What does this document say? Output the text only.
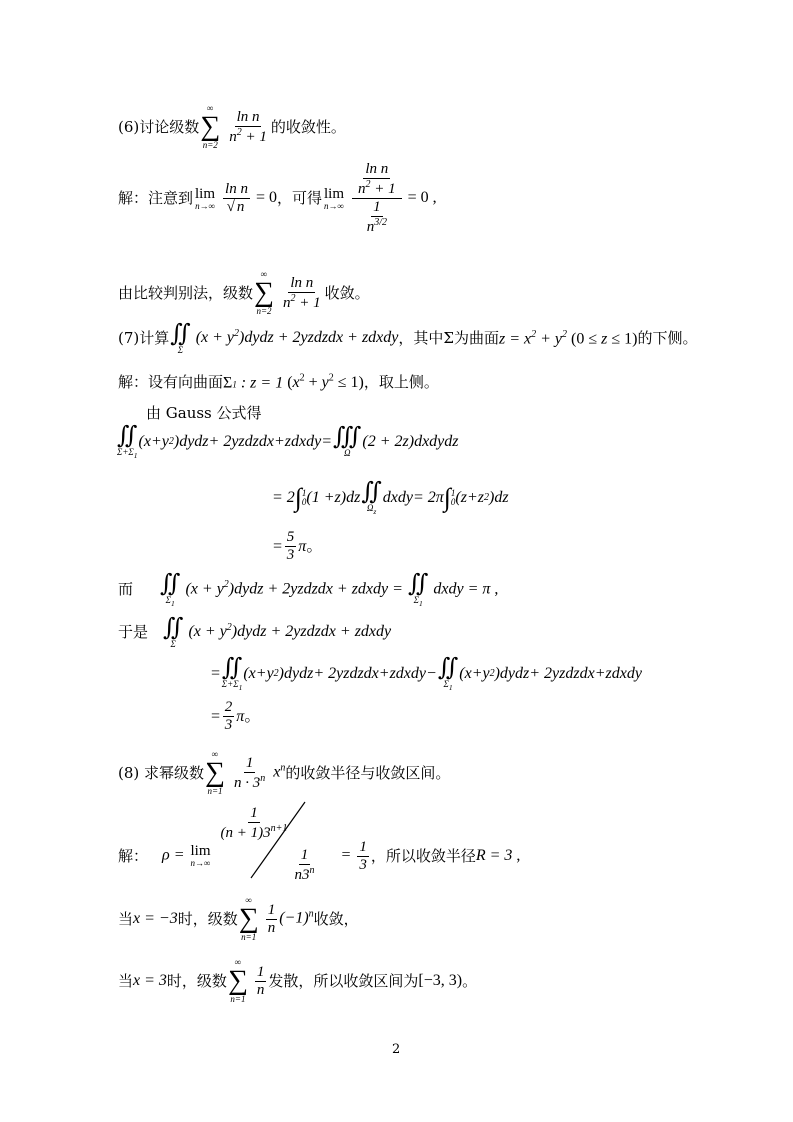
(6)讨论级数
∞
∑
n=2

$\frac{\text{ln n}}{n^2 + 1}$ 的收敛性。
解：注意到 lim
n→∞
$\frac{\text{ln n}}{√ n} = 0$ ，可得 lim
n→∞
$\frac{\frac{\text{ln n}}{n^2 + 1}}{\frac{1}{n^{3/2}}} = 0$ ,
由比较判别法，级数
∞
∑
n=2

$\frac{\text{ln n}}{n^2 + 1}$ 收敛。
(7)计算 ∬
Σ
$(x + y^2)dydz$ + 2yzdzdx + zdxdy ，其中Σ为曲面 $z = x^2 + y^2$ (0 ≤ z ≤ 1) 的下侧。
解：设有向曲面 Σ1 : z = 1 $(x^2 + y^2 \le 1)$ ，取上侧。
由 Gauss 公式得
∬
$\Sigma+\Sigma_1$
( x + y 2 ) dydz + 2 yzdzdx + zdxdy = ∭
Ω
(2 + 2 z ) dxdydz
= 2 ∫ 1
0 (1 + z ) dz ∬
$\Omega_z$
dxdy = 2π ∫ 1
0 ( z + z 2 ) dz
= $\frac{5}{3}$ π 。
而 ∬
$\Sigma_1$
$(x + y^2)dydz$ + 2yzdzdx + zdxdy = ∬
$\Sigma_1$
dxdy = π ,
于是 ∬
Σ
$(x + y^2)dydz$ + 2yzdzdx + zdxdy
= ∬
$\Sigma+\Sigma_1$
( x + y 2 ) dydz + 2 yzdzdx + zdxdy − ∬
$\Sigma_1$
( x + y 2 ) dydz + 2 yzdzdx + zdxdy
= $\frac{2}{3}$ π 。
(8) 求幂级数
∞
∑
n=1

$\frac{1}{n \cdot 3^n} x^n$ 的收敛半径与收敛区间。
解： ρ = lim
n→∞

$\frac{1}{(n + 1)3^{n+1}}$
$\frac{1}{n3^n} = \frac{1}{3}$ ，所以收敛半径 R = 3 ,
当 x = −3 时，级数
∞
∑
n=1

$\frac{1}{n} (-1)^n$ 收敛，
当 x = 3 时，级数
∞
∑
n=1

$\frac{1}{n}$ 发散，所以收敛区间为 [−3, 3) 。
2
